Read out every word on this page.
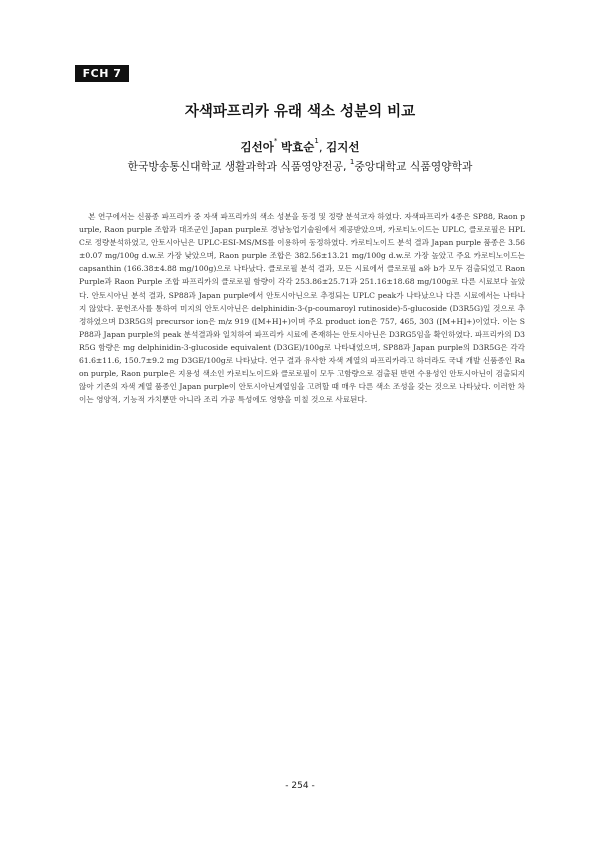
FCH 7
자색파프리카 유래 색소 성분의 비교
김선아* 박효순$^1$, 김지선
한국방송통신대학교 생활과학과 식품영양전공, $^1$중앙대학교 식품영양학과

본 연구에서는 신품종 파프리카 중 자색 파프리카의 색소 성분을 동정 및 정량 분석코자 하였다. 자색파프리카 4종은 SP88, Raon purple, Raon purple 조합과 대조군인 Japan purple로 경남농업기술원에서 제공받았으며, 카로티노이드는 UPLC, 클로로필은 HPLC로 정량분석하였고, 안토시아닌은 UPLC-ESI-MS/MS를 이용하여 동정하였다. 카로티노이드 분석 결과 Japan purple 품종은 3.56±0.07 mg/100g d.w.로 가장 낮았으며, Raon purple 조합은 382.56±13.21 mg/100g d.w.로 가장 높았고 주요 카로티노이드는 capsanthin (166.38±4.88 mg/100g)으로 나타났다. 클로로필 분석 결과, 모든 시료에서 클로로필 a와 b가 모두 검출되었고 Raon Purple과 Raon Purple 조합 파프리카의 클로로필 함량이 각각 253.86±25.71과 251.16±18.68 mg/100g로 다른 시료보다 높았다. 안토시아닌 분석 결과, SP88과 Japan purple에서 안토시아닌으로 추정되는 UPLC peak가 나타났으나 다른 시료에서는 나타나지 않았다. 문헌조사를 통하여 미지의 안토시아닌은 delphinidin-3-(p-coumaroyl rutinoside)-5-glucoside (D3R5G)일 것으로 추정하였으며 D3R5G의 precursor ion은 m/z 919 ([M+H]+)이며 주요 product ion은 757, 465, 303 ([M+H]+)이었다. 이는 SP88과 Japan purple의 peak 분석결과와 일치하여 파프리카 시료에 존재하는 안토시아닌은 D3RG5임을 확인하였다. 파프리카의 D3R5G 함량은 mg delphinidin-3-glucoside equivalent (D3GE)/100g로 나타내었으며, SP88과 Japan purple의 D3R5G은 각각 61.6±11.6, 150.7±9.2 mg D3GE/100g로 나타났다. 연구 결과 유사한 자색 계열의 파프리카라고 하더라도 국내 개발 신품종인 Raon purple, Raon purple은 지용성 색소인 카로티노이드와 클로로필이 모두 고함량으로 검출된 반면 수용성인 안토시아닌이 검출되지 않아 기존의 자색 계열 품종인 Japan purple이 안토시아닌계열임을 고려할 때 매우 다른 색소 조성을 갖는 것으로 나타났다. 이러한 차이는 영양적, 기능적 가치뿐만 아니라 조리 가공 특성에도 영향을 미칠 것으로 사료된다.

- 254 -
